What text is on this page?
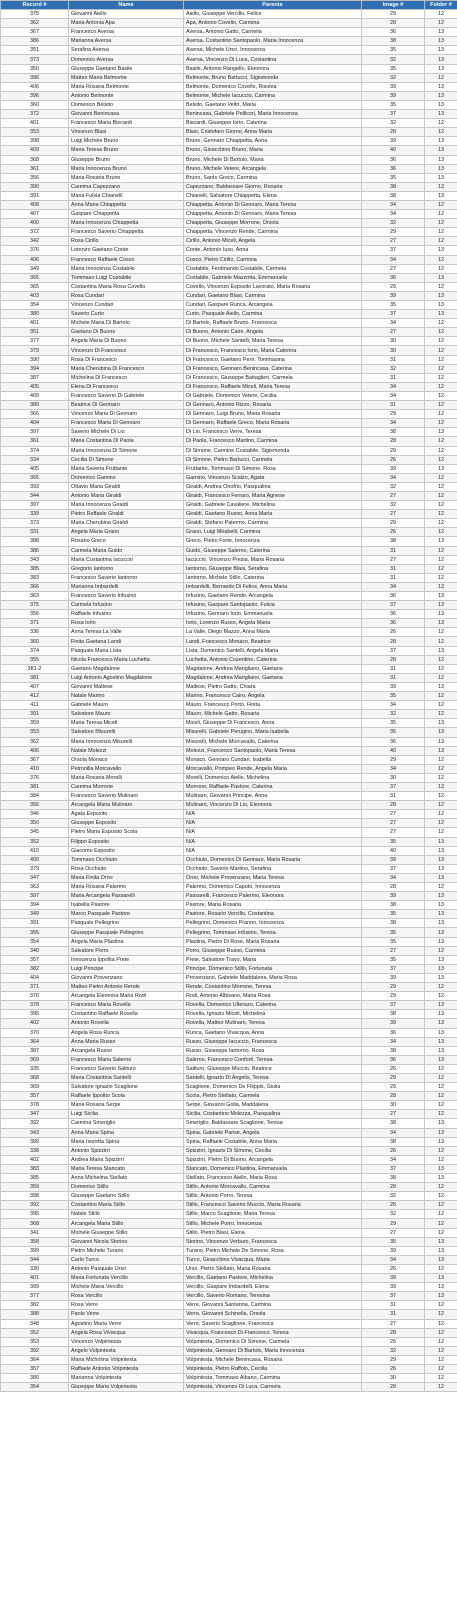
Record #	Name	Parents	Image #	Folder #
375	Giovanni Aiello	Aiello, Giuseppe Vercillo, Felice	29	12
362	Maria Antonia Apa	Apa, Antonio Covello, Carmina	28	12
367	Francesco Aversa	Aversa, Antonio Gatto, Carmela	36	13
386	Marianna Aversa	Aversa, Costantino Santopaolo, Maria Innocenza	38	13
351	Serafina Aversa	Aversa, Michele Urso, Innocenza	35	13
373	Domenico Aversa	Aversa, Vincenzo Di Luca, Costantina	32	13
350	Giuseppe Gaetano Basile	Basile, Antonio Rangello, Eleonora	35	13
396	Matteo Maria Belmonte	Belmonte, Bruno Bartucci, Sigismonda	32	12
406	Maria Rosaria Belmonte	Belmonte, Domenico Covello, Risolea	39	13
396	Antonio Belmonte	Belmonte, Michele Iacuccio, Carmina	39	13
360	Domenico Belsito	Belsito, Gaetano Veltri, Maria	35	13
372	Giovanni Benincasa	Benincasa, Gabriele Pellicori, Maria Innocenza	37	13
401	Francesco Maria Biscardi	Biscardi, Giuseppe Iorio, Caterina	32	12
353	Vincenzo Blasi	Blasi, Cristofaro Giorno, Anna Maria	28	12
398	Luigi Michele Bruno	Bruno, Gennaro Chiappetta, Anna	39	13
409	Maria Teresa Bruno	Bruno, Gioacchino Bruno, Maria	40	13
368	Giuseppe Bruno	Bruno, Michele Di Bartolo, Maria	36	13
361	Maria Innocenza Bruno	Bruno, Michele Vetere, Arcangela	36	13
356	Maria Rosaria Bruno	Bruno, Santo Greco, Carmina	35	13
390	Carmina Capezzano	Capezzano, Baldassare Giorno, Rosaria	38	13
391	Maria Fulvia Chianelli	Chianelli, Salvatore Chiappetta, Elena	38	13
408	Anna Maria Chiappetta	Chiappetta, Antonio Di Gennaro, Maria Teresa	34	12
407	Gaspare Chiappetta	Chiappetta, Antonio Di Gennaro, Maria Teresa	34	12
400	Maria Innocenza Chiappetta	Chiappetta, Giuseppe Morrone, Orsola	32	12
372	Francesco Saverio Chiappetta	Chiappetta, Vincenzo Rende, Carmina	29	12
342	Rosa Cirillo	Cirillo, Antonio Miceli, Angela	27	12
376	Lorenzo Gaetano Conte	Conte, Antonio Iuso, Anna	37	13
406	Francesco Raffaele Cosco	Cosco, Pietro Cirillo, Carmina	34	12
349	Maria Innocenza Costabile	Costabile, Ferdinando Costabile, Carmela	27	12
365	Tommaso Luigi Costabile	Costabile, Gabriele Mazzotta, Emmanuela	36	13
365	Costantina Maria Rosa Covello	Covello, Vincenzo Esposito Lavorato, Maria Rosaria	29	12
403	Rosa Cundari	Cundari, Gaetano Blasi, Carmina	39	13
354	Vincenzo Cundari	Cundari, Gaspare Runca, Arcangela	35	13
380	Saverio Curto	Curto, Pasquale Aiello, Carmina	37	13
401	Michele Maria Di Bartolo	Di Bartolo, Raffaele Bruno, Francesca	34	12
351	Gaetano Di Buono	Di Buono, Antonio Caire, Angela	27	12
377	Angela Maria Di Buono	Di Buono, Michele Santelli, Maria Teresa	30	12
379	Vincenzo Di Francesco	Di Francesco, Francesco Iorio, Maria Caterina	30	12
390	Rosa Di Francesco	Di Francesco, Gaetano Perri, Tommasina	31	12
394	Maria Cherubina Di Francesco	Di Francesco, Gennaro Benincasa, Caterina	32	12
387	Michelina Di Francesco	Di Francesco, Giuseppe Battaglieri, Carmela	31	12
405	Elena Di Francesco	Di Francesco, Raffaele Miceli, Maria Teresa	34	12
409	Francesco Saverio Di Gabriele	Di Gabriele, Domenico Vetere, Cecilia	34	12
389	Beatrice Di Gennaro	Di Gennaro, Antonio Rizzo, Rosaria	31	12
366	Vincenzo Maria Di Gennaro	Di Gennaro, Luigi Bruno, Maria Rosaria	29	12
404	Francesco Maria Di Gennaro	Di Gennaro, Raffaele Greco, Maria Rosaria	34	12
397	Saverio Michele Di Lio	Di Lio, Francesco Verre, Teresa	38	13
361	Maria Costantina Di Paola	Di Paola, Francesco Martino, Carmina	28	12
374	Maria Innocenza Di Simone	Di Simone, Carmine Costabile, Sigismonda	29	12
334	Cecilia Di Simone	Di Simone, Pietro Bartucci, Carmela	26	12
405	Maria Saveria Fruttante	Fruttante, Tommaso Di Simone, Rosa	39	13
365	Domenico Gamino	Gamino, Vincenzo Scalzo, Agata	34	12
393	Ottavio Maria Giraldi	Giraldi, Andrea Onofrio, Pasqualina	32	12
344	Antonio Maria Giraldi	Giraldi, Francesco Ferraro, Maria Agnese	27	12
397	Maria Innocenza Giraldi	Giraldi, Gabriele Cavaliere, Michelina	32	12
339	Pietro Raffaele Giraldi	Giraldi, Gaetano Russo, Anna Maria	27	12
373	Maria Cherubina Giraldi	Giraldi, Stefano Palermo, Carmina	29	12
331	Angela Maria Grano	Grano, Luigi Mirabelli, Carmina	26	12
388	Rosario Greco	Greco, Pietro Forte, Innocenza	38	13
386	Carmela Maria Guido	Guido, Giuseppe Salerno, Caterina	31	12
343	Maria Costantina Iacuccio	Iacuccio, Vincenzo Prezia, Maria Rosaria	27	12
385	Gregorio Iantorno	Iantorno, Giuseppe Blasi, Serafina	31	12
383	Francesco Saverio Iantorno	Iantorno, Michele Stillo, Caterina	31	12
366	Marianna Imbardelli	Imbardelli, Bernardo Di Felice, Anna Maria	34	13
363	Francesco Saverio Infusino	Infusino, Gaetano Rende, Arcangela	36	13
375	Carmela Infusino	Infusino, Gaspare Santopaolo, Fulvia	37	13
356	Raffaele Infusino	Infusino, Gennaro Iorio, Emmanuela	36	13
371	Rosa Iorio	Iorio, Lorenzo Russo, Angela Maria	36	13
336	Anna Teresa La Valle	La Valle, Diego Mazzo, Anna Maria	26	12
360	Finita Gaetana Landi	Landi, Francesco Monaco, Beatrice	28	12
374	Pasquale Maria Lista	Lista, Domenico Santelli, Angela Maria	37	13
355	Nicola Francesco Maria Luchetta	Luchetta, Antonio Cosentino, Caterina	28	12
381-2	Gaetano Magdalone	Magdalone, Andrea Marigliano, Gaetana	31	12
381	Luigi Antonio Agostino Magdalone	Magdalone, Andrea Marigliano, Gaetana	31	12
407	Giovanni Maltese	Maltese, Pietro Gatto, Chiara	39	13
412	Natale Marino	Marino, Francesco Cairo, Angela	35	12
411	Gabriele Mauro	Mauro, Francesco Porto, Finita	34	12
391	Salvatore Mauro	Mauro, Michele Gatto, Rosaria	32	12
359	Maria Teresa Miceli	Miceli, Giuseppe Di Francesco, Anna	35	13
353	Salvatore Misurelli	Misurelli, Gabriele Perugino, Maria Isabella	35	13
362	Maria Innocenza Misurelli	Misurelli, Michele Morcavallo, Caterina	36	13
406	Natale Molezzi	Molezzi, Francesco Santopaolo, Maria Teresa	40	13
367	Orsola Monaco	Monaco, Gennaro Cundari, Isabella	29	12
410	Petronilla Morcavallo	Morcavallo, Pompeo Rende, Angela Maria	34	12
376	Maria Rosaria Morelli	Morelli, Domenico Aiello, Michelina	30	12
381	Carmina Morrone	Morrone, Raffaele Pastore, Caterina	37	13
384	Francesco Saverio Mulinaro	Mulinaro, Giovanni Principe, Anna	31	12
356	Arcangela Maria Mulinaro	Mulinaro, Vincenzo Di Lio, Eleonora	28	12
346	Agata Esposito	N/A	27	12
350	Giuseppe Esposito	N/A	27	12
345	Pietro Maria Esposito Scola	N/A	27	12
352	Filippo Esposito	N/A	35	13
410	Giacomo Esposito	N/A	40	13
400	Tommaso Occhiuto	Occhiuto, Domenico Di Gennaro, Maria Rosaria	39	13
379	Rosa Occhiuto	Occhiuto, Saverio Martino, Serafina	37	13
347	Maria Finita Orno	Orno, Michele Provenzano, Maria Teresa	34	13
363	Maria Rosaria Palermo	Palermo, Domenico Caputo, Innocenza	28	12
397	Maria Arcangela Passarelli	Passarelli, Francesco Palermo, Eleonora	39	13
394	Isabella Pastore	Pastore, Maria Rosaria	38	13
349	Marco Pasquale Pastore	Pastore, Rosario Vercillo, Costantina	35	13
391	Pasquale Pellegrino	Pellegrino, Domenico Pranno, Innocenza	38	13
355	Giuseppe Pasquale Pellegrino	Pellegrino, Tommaso Infusino, Teresa	35	13
354	Angela Maria Plastina	Plastina, Pietro Di Rose, Maria Rosaria	35	13
340	Salvatore Porro	Porro, Giuseppe Russo, Carmina	27	12
357	Innocenza Ippolita Prete	Prete, Salvatore Travo, Maria	35	13
382	Luigi Principe	Principe, Domenico Stillo, Fortunata	37	13
404	Giovanni Provenzano	Provenzano, Gabriele Maddalena, Maria Rosa	39	13
371	Matteo Pietro Antonio Rende	Rende, Costantino Morrone, Teresa	29	12
370	Arcangela Eleonora Maria Rodi	Rodi, Antonio Albisano, Maria Rosa	29	12
378	Francesco Maria Rovella	Rovella, Domenico Ulterazo, Caterina	37	13
395	Costantino Raffaele Rovella	Rovella, Ignazio Miceli, Michelina	38	13
402	Antonio Rovella	Rovella, Matteo Mulinaro, Teresa	39	13
370	Angela Rosa Runca	Runca, Gaetano Vivacqua, Anna	36	13
364	Anna Maria Russo	Russo, Giuseppe Iacuccio, Francesca	34	13
387	Arcangela Russo	Russo, Giuseppe Iantorno, Rosa	38	13
369	Francesco Maria Salerno	Salerno, Francesco Confortì, Teresa	36	13
335	Francesco Saverio Salituro	Salituro, Giuseppe Muccio, Beatrice	26	12
368	Maria Costantina Santelli	Santelli, Ignazio Di Angelis, Teresa	29	12
369	Salvatore Ignazio Scaglione	Scaglione, Domenico De Filippis, Giulia	29	12
357	Raffaele Ippolito Scola	Scola, Pietro Stellato, Carmela	28	12
378	Maria Rosaria Serpe	Serpe, Giovanni Golia, Maddalena	30	12
347	Luigi Sicilia	Sicilia, Costantino Molezza, Pasqualina	27	12
392	Carmina Smeriglio	Smeriglio, Baldassare Scaglione, Teresa	38	13
343	Anna Maria Spina	Spina, Gabriele Parise, Angela	34	13
389	Maria Isoretta Spina	Spina, Raffaele Costabile, Anna Maria	38	13
338	Antonio Spizzirri	Spizzirri, Ignazio Di Simone, Cecilia	26	12
402	Andrea Maria Spizzirri	Spizzirri, Pietro Di Buono, Arcangela	34	12
383	Maria Teresa Stancato	Stancato, Domenico Plastina, Emmanuela	37	13
385	Anna Michelina Stellato	Stellato, Francesco Aiello, Maria Rosa	38	13
359	Domenico Stillo	Stillo, Antonio Morcavallo, Carmina	28	12
398	Giuseppe Gaetano Stillo	Stillo, Antonio Porro, Teresa	32	12
392	Costantino Maria Stillo	Stillo, Francesco Saverio Muccio, Maria Rosaria	26	12
395	Natale Stillo	Stillo, Marco Scaglione, Maria Teresa	32	12
368	Arcangela Maria Stillo	Stillo, Michele Porro, Innocenza	29	12
341	Michele Giuseppe Stillo	Stillo, Pietro Blasi, Elena	27	12
358	Giovanni Nicola Storino	Storino, Vincenzo Verburo, Francesca	35	13
399	Pietro Michele Turano	Turano, Pietro Michele De Simone, Rosa	39	13
344	Carlo Turco	Turco, Gioacchino Vivacqua, Maria	34	13
330	Antonio Pasquale Urso	Urso, Pietro Stellato, Maria Rosaria	26	12
401	Maria Fortunata Vercillo	Vercillo, Gaetano Pastore, Michelina	39	13
399	Michele Maria Vercillo	Vercillo, Gaspare Imbardelli, Elena	39	13
377	Rosa Vercillo	Vercillo, Saverio Romano, Teresina	37	13
382	Rosa Verre	Verre, Giovanni Santanna, Carmina	31	12
388	Paolo Verre	Verre, Giovanni Schinella, Orsola	31	12
348	Agostino Maria Verre	Verre, Saverio Scaglione, Francesca	27	12
352	Angela Rosa Vivacqua	Vivacqua, Francesco Di Francesco, Teresa	28	12
353	Vincenzo Volpintesta	Volpintesta, Domenico Di Simone, Carmela	26	12
392	Angelo Volpintesta	Volpintesta, Gennaro Di Bartolo, Maria Innocenza	32	12
364	Maria Micholina Volpintesta	Volpintesta, Michele Benincasa, Rosaria	29	12
357	Raffaele Antonio Volpintesta	Volpintesta, Pietro Raffolo, Cecilia	26	12
380	Marianna Volpintesta	Volpintesta, Tommaso Albano, Carmina	30	12
354	Giuseppe Maria Volpintesta	Volpintesta, Vincenzo Di Luca, Carmela	28	12
